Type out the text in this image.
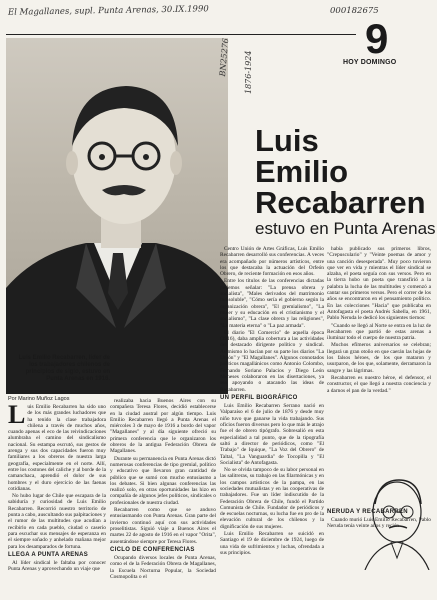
El Magallanes, supl. Punta Arenas, 30.IX.1990	000182675
9
HOY DOMINGO
Luis Emilio Recabarren, líder de los trabajadores chilenos de principios de siglo, estuvo en Punta Arenas en 1916.
BN25276 1876-1924
Luis
Emilio
Recabarren
estuvo en Punta Arenas
Por Marino Muñoz Lagos

Luis Emilio Recabarren ha sido uno de los más grandes luchadores que ha tenido la clase trabajadora chilena a través de muchos años, cuando apenas el eco de las reivindicaciones alumbraba el camino del sindicalismo nacional. Su estampa escrutó, sus gestos de arenga y sus dos capacidades fueron muy familiares a los obreros de nuestra larga geografía, especialmente en el norte. Allí, entre los costones del caliche y al borde de la camanchaca, aprendió el dolor de sus hombres y el duro ejercicio de las faenas cotidianas.

No hubo lugar de Chile que escapara de la sabiduría y curiosidad de Luis Emilio Recabarren. Recorrió nuestro territorio de punta a cabo, auscultando sus palpitaciones y el rumor de las multitudes que acudían a recibirlo en cada pueblo, ciudad o caserío para escuchar sus mensajes de esperanza en el siempre soñado y anhelado mañana mejor para los desamparados de fortuna.

LLEGA A PUNTA ARENAS

Al líder sindical le faltaba por conocer Punta Arenas y aprovechando un viaje que

realizaba hacia Buenos Aires con su compañera Teresa Flores, decidió establecerse en la ciudad austral por algún tiempo. Luis Emilio Recabarren llegó a Punta Arenas el miércoles 3 de mayo de 1916 a bordo del vapor "Magallanes" y al día siguiente ofreció su primera conferencia que le organizaron los obreros de la antigua Federación Obrera de Magallanes.

Durante su permanencia en Punta Arenas dictó numerosas conferencias de tipo gremial, político y educativo que llevaron gran cantidad de público que se sumó con mucho entusiasmo a los debates. Si bien algunas conferencias las realizó solo, en otras oportunidades las hizo en compañía de algunos jefes políticos, sindicales o profesionales de nuestra ciudad.

Recabarren como que se anduvo entusiasmando con Punta Arenas. Gran parte del invierno continuó aquí con sus actividades proselitistas. Siguió viaje a Buenos Aires el martes 22 de agosto de 1916 en el vapor "Orita", ausentándose siempre por Teresa Flores.

CICLO DE CONFERENCIAS

Ocupando diversos locales de Punta Arenas, como el de la Federación Obrera de Magallanes, la Escuela Nocturna Popular, la Sociedad Cosmopolita o el

Centro Unión de Artes Gráficas, Luis Emilio Recabarren desarrolló sus conferencias. A veces era acompañado por números artísticos, entre los que destacaba la actuación del Orfeón Obrero, de reciente formación en esos años.

Entre los títulos de las conferencias dictadas podemos señalar: "La prensa obrera y socialista", "Males derivados del matrimonio indisoluble", "Cómo sería el gobierno según la organización obrera", "El gremialismo", "La mujer y su educación en el cristianismo y el socialismo", "La clase obrera y las religiones", "La materia eterna" o "La paz armada".

El diario "El Comercio" de aquella época (1916), daba amplia cobertura a las actividades del destacado dirigente político y sindical. Asimismo lo hacían por su parte los diarios "La Unión" y "El Magallanes". Algunos connotados políticos magallánicos como Antonio Colombo, Fernando Soriano Palacios y Diego León Meneses colaboraron en las disertaciones, ya sea apoyando o atacando las ideas de Recabarren.

UN PERFIL BIOGRÁFICO

Luis Emilio Recabarren Serrano nació en Valparaíso el 6 de julio de 1876 y desde muy niño tuvo que ganarse la vida trabajando. Sus oficios fueron diversos pero lo que más le atrajo fue el de obrero tipógrafo. Sobresalió en esta especialidad a tal punto, que de la tipografía saltó a director de periódicos, como "El Trabajo" de Iquique, "La Voz del Obrero" de Taltal, "La Vanguardia" de Tocopilla y "El Socialista" de Antofagasta.

No se olvida tampoco de su labor personal en las salitreras, su trabajo en las filarmónicas y en los campos artísticos de la pampa, en las sociedades mutualistas y en las cooperativas de trabajadores. Fue un líder indiscutido de la Federación Obrera de Chile, fundó el Partido Comunista de Chile. Fundador de periódicos y de escuelas nocturnas, su lucha fue en pro de la elevación cultural de los chilenos y la dignificación de sus mujeres.

Luis Emilio Recabarren se suicidó en Santiago el 19 de diciembre de 1924, luego de una vida de sufrimientos y luchas, ofrendada a sus principios.

había publicado sus primeros libros, "Crepusculario" y "Veinte poemas de amor y una canción desesperada". Muy poco tuvieron que ver en vida y mientras el líder sindical se alzaba, el poeta seguía con sus versos. Pero en la tierra hubo un poeta que transfirió a la palabra la lucha de las multitudes y comenzó a cantar sus primeros versos. Pero el correr de los años se encontraron en el pensamiento político. En las colecciones "Hacia" que publicaba en Antofagasta el poeta Andrés Sabella, en 1961, Pablo Neruda le dedicó los siguientes tiernos:

"Cuando se llegó al Norte se entra en la luz de Recabarren que partió de estas arenas a iluminar todo el cuerpo de nuestra patria.

Muchos efímeros aniversarios se celebran; llegará un gran otoño en que caerán las hojas de los falsos héroes, de los que mataron y usurparon, de los que, solamente, derramaron la sangre y las lágrimas.

Recabarren es nuestro héroe, el defensor, el constructor, el que llegó a nuestra conciencia y a darnos el pan de la verdad."

NERUDA Y RECABARREN

Cuando murió Luis Emilio Recabarren, Pablo Neruda tenía veinte años y recién
